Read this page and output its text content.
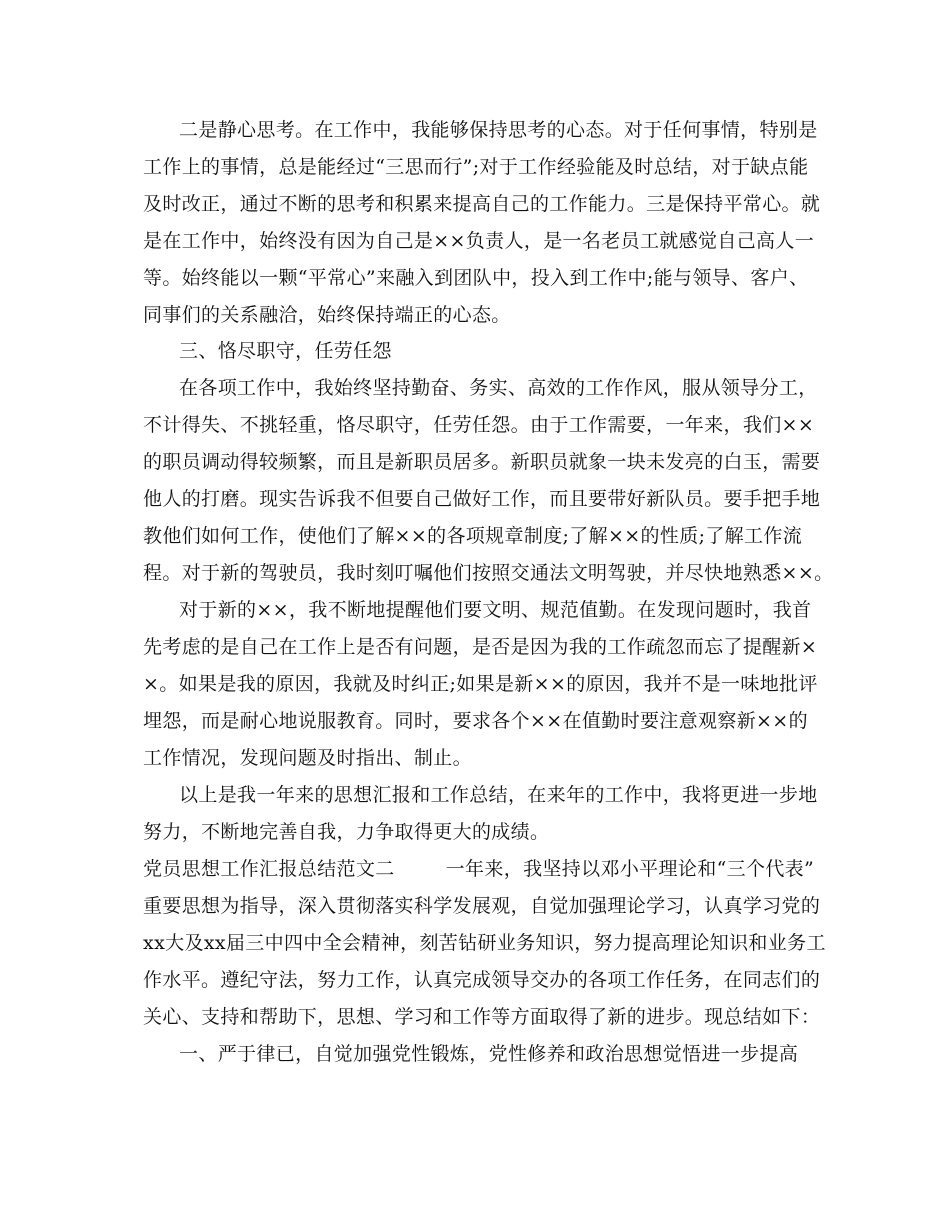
二是静心思考。在工作中，我能够保持思考的心态。对于任何事情，特别是
工作上的事情，总是能经过“三思而行”;对于工作经验能及时总结，对于缺点能
及时改正，通过不断的思考和积累来提高自己的工作能力。三是保持平常心。就
是在工作中，始终没有因为自己是××负责人，是一名老员工就感觉自己高人一
等。始终能以一颗“平常心”来融入到团队中，投入到工作中;能与领导、客户、
同事们的关系融洽，始终保持端正的心态。
三、恪尽职守，任劳任怨
在各项工作中，我始终坚持勤奋、务实、高效的工作作风，服从领导分工，
不计得失、不挑轻重，恪尽职守，任劳任怨。由于工作需要，一年来，我们××
的职员调动得较频繁，而且是新职员居多。新职员就象一块未发亮的白玉，需要
他人的打磨。现实告诉我不但要自己做好工作，而且要带好新队员。要手把手地
教他们如何工作，使他们了解××的各项规章制度;了解××的性质;了解工作流
程。对于新的驾驶员，我时刻叮嘱他们按照交通法文明驾驶，并尽快地熟悉××。
对于新的××，我不断地提醒他们要文明、规范值勤。在发现问题时，我首
先考虑的是自己在工作上是否有问题，是否是因为我的工作疏忽而忘了提醒新×
×。如果是我的原因，我就及时纠正;如果是新××的原因，我并不是一味地批评
埋怨，而是耐心地说服教育。同时，要求各个××在值勤时要注意观察新××的
工作情况，发现问题及时指出、制止。
以上是我一年来的思想汇报和工作总结，在来年的工作中，我将更进一步地
努力，不断地完善自我，力争取得更大的成绩。
党员思想工作汇报总结范文二        一年来，我坚持以邓小平理论和“三个代表”
重要思想为指导，深入贯彻落实科学发展观，自觉加强理论学习，认真学习党的
xx大及xx届三中四中全会精神，刻苦钻研业务知识，努力提高理论知识和业务工
作水平。遵纪守法，努力工作，认真完成领导交办的各项工作任务，在同志们的
关心、支持和帮助下，思想、学习和工作等方面取得了新的进步。现总结如下：
一、严于律已，自觉加强党性锻炼，党性修养和政治思想觉悟进一步提高
